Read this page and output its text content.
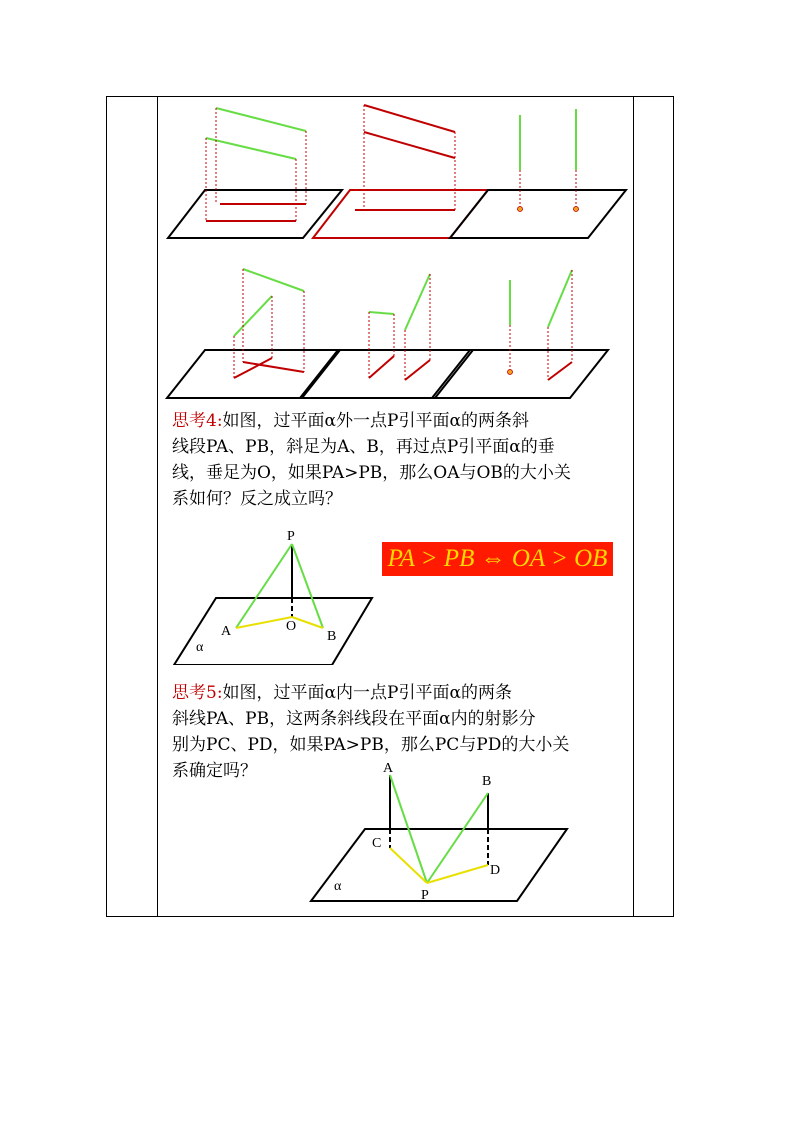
思考4:如图，过平面α外一点P引平面α的两条斜
线段PA、PB，斜足为A、B，再过点P引平面α的垂
线，垂足为O，如果PA>PB，那么OA与OB的大小关
系如何？反之成立吗？
P
A	O
B
α
PA > PB ⇔ OA > OB
思考5:如图，过平面α内一点P引平面α的两条
斜线PA、PB，这两条斜线段在平面α内的射影分
别为PC、PD，如果PA>PB，那么PC与PD的大小关
系确定吗？	A
B
C
D
P
α
